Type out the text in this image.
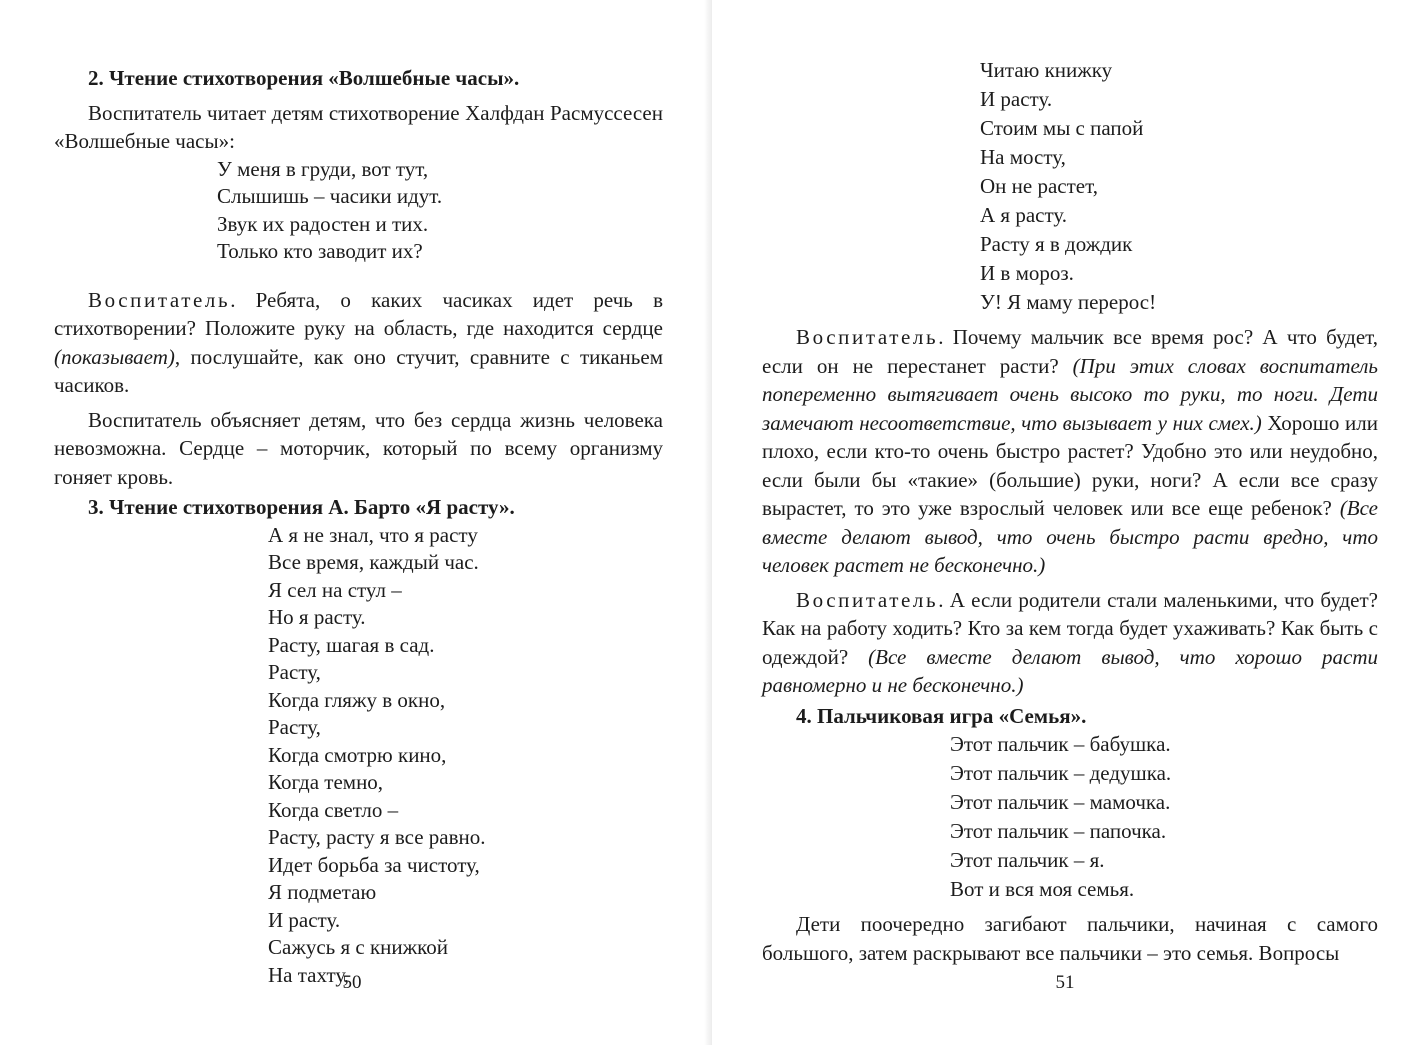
2. Чтение стихотворения «Волшебные часы».

Воспитатель читает детям стихотворение Халфдан Расмуссесен «Волшебные часы»:

У меня в груди, вот тут,
Слышишь – часики идут.
Звук их радостен и тих.
Только кто заводит их?

Воспитатель. Ребята, о каких часиках идет речь в стихотворении? Положите руку на область, где находится сердце (показывает), послушайте, как оно стучит, сравните с тиканьем часиков.

Воспитатель объясняет детям, что без сердца жизнь человека невозможна. Сердце – моторчик, который по всему организму гоняет кровь.

3. Чтение стихотворения А. Барто «Я расту».

А я не знал, что я расту
Все время, каждый час.
Я сел на стул –
Но я расту.
Расту, шагая в сад.
Расту,
Когда гляжу в окно,
Расту,
Когда смотрю кино,
Когда темно,
Когда светло –
Расту, расту я все равно.
Идет борьба за чистоту,
Я подметаю
И расту.
Сажусь я с книжкой
На тахту,
50
Читаю книжку
И расту.
Стоим мы с папой
На мосту,
Он не растет,
А я расту.
Расту я в дождик
И в мороз.
У! Я маму перерос!

Воспитатель. Почему мальчик все время рос? А что будет, если он не перестанет расти? (При этих словах воспитатель попеременно вытягивает очень высоко то руки, то ноги. Дети замечают несоответствие, что вызывает у них смех.) Хорошо или плохо, если кто-то очень быстро растет? Удобно это или неудобно, если были бы «такие» (большие) руки, ноги? А если все сразу вырастет, то это уже взрослый человек или все еще ребенок? (Все вместе делают вывод, что очень быстро расти вредно, что человек растет не бесконечно.)

Воспитатель. А если родители стали маленькими, что будет? Как на работу ходить? Кто за кем тогда будет ухаживать? Как быть с одеждой? (Все вместе делают вывод, что хорошо расти равномерно и не бесконечно.)

4. Пальчиковая игра «Семья».

Этот пальчик – бабушка.
Этот пальчик – дедушка.
Этот пальчик – мамочка.
Этот пальчик – папочка.
Этот пальчик – я.
Вот и вся моя семья.

Дети поочередно загибают пальчики, начиная с самого большого, затем раскрывают все пальчики – это семья. Вопросы

51
